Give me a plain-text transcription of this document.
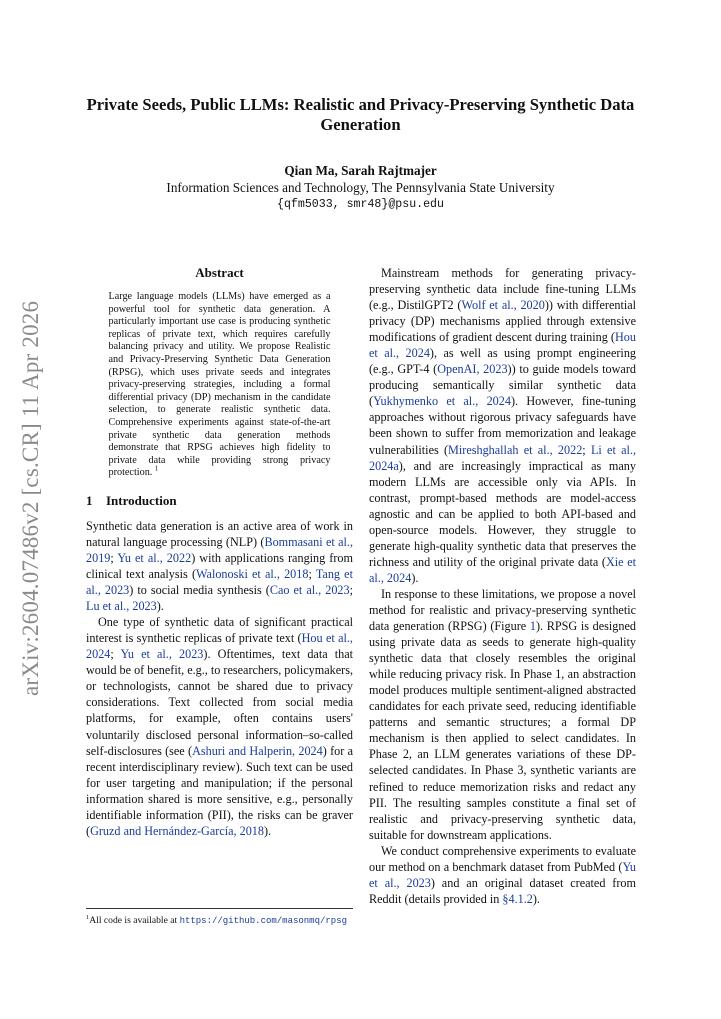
arXiv:2604.07486v2 [cs.CR] 11 Apr 2026
Private Seeds, Public LLMs: Realistic and Privacy-Preserving Synthetic Data Generation
Qian Ma, Sarah Rajtmajer
Information Sciences and Technology, The Pennsylvania State University
{qfm5033, smr48}@psu.edu
Abstract

Large language models (LLMs) have emerged as a powerful tool for synthetic data generation. A particularly important use case is producing synthetic replicas of private text, which requires carefully balancing privacy and utility. We propose Realistic and Privacy-Preserving Synthetic Data Generation (RPSG), which uses private seeds and integrates privacy-preserving strategies, including a formal differential privacy (DP) mechanism in the candidate selection, to generate realistic synthetic data. Comprehensive experiments against state-of-the-art private synthetic data generation methods demonstrate that RPSG achieves high fidelity to private data while providing strong privacy protection. $^1$

1 Introduction

Synthetic data generation is an active area of work in natural language processing (NLP) (Bommasani et al., 2019; Yu et al., 2022) with applications ranging from clinical text analysis (Walonoski et al., 2018; Tang et al., 2023) to social media synthesis (Cao et al., 2023; Lu et al., 2023).

One type of synthetic data of significant practical interest is synthetic replicas of private text (Hou et al., 2024; Yu et al., 2023). Oftentimes, text data that would be of benefit, e.g., to researchers, policymakers, or technologists, cannot be shared due to privacy considerations. Text collected from social media platforms, for example, often contains users' voluntarily disclosed personal information–so-called self-disclosures (see (Ashuri and Halperin, 2024) for a recent interdisciplinary review). Such text can be used for user targeting and manipulation; if the personal information shared is more sensitive, e.g., personally identifiable information (PII), the risks can be graver (Gruzd and Hernández-García, 2018).

$^1$All code is available at https://github.com/masonmq/rpsg

Mainstream methods for generating privacy-preserving synthetic data include fine-tuning LLMs (e.g., DistilGPT2 (Wolf et al., 2020)) with differential privacy (DP) mechanisms applied through extensive modifications of gradient descent during training (Hou et al., 2024), as well as using prompt engineering (e.g., GPT-4 (OpenAI, 2023)) to guide models toward producing semantically similar synthetic data (Yukhymenko et al., 2024). However, fine-tuning approaches without rigorous privacy safeguards have been shown to suffer from memorization and leakage vulnerabilities (Mireshghallah et al., 2022; Li et al., 2024a), and are increasingly impractical as many modern LLMs are accessible only via APIs. In contrast, prompt-based methods are model-access agnostic and can be applied to both API-based and open-source models. However, they struggle to generate high-quality synthetic data that preserves the richness and utility of the original private data (Xie et al., 2024).

In response to these limitations, we propose a novel method for realistic and privacy-preserving synthetic data generation (RPSG) (Figure 1). RPSG is designed using private data as seeds to generate high-quality synthetic data that closely resembles the original while reducing privacy risk. In Phase 1, an abstraction model produces multiple sentiment-aligned abstracted candidates for each private seed, reducing identifiable patterns and semantic structures; a formal DP mechanism is then applied to select candidates. In Phase 2, an LLM generates variations of these DP-selected candidates. In Phase 3, synthetic variants are refined to reduce memorization risks and redact any PII. The resulting samples constitute a final set of realistic and privacy-preserving synthetic data, suitable for downstream applications.

We conduct comprehensive experiments to evaluate our method on a benchmark dataset from PubMed (Yu et al., 2023) and an original dataset created from Reddit (details provided in §4.1.2).
